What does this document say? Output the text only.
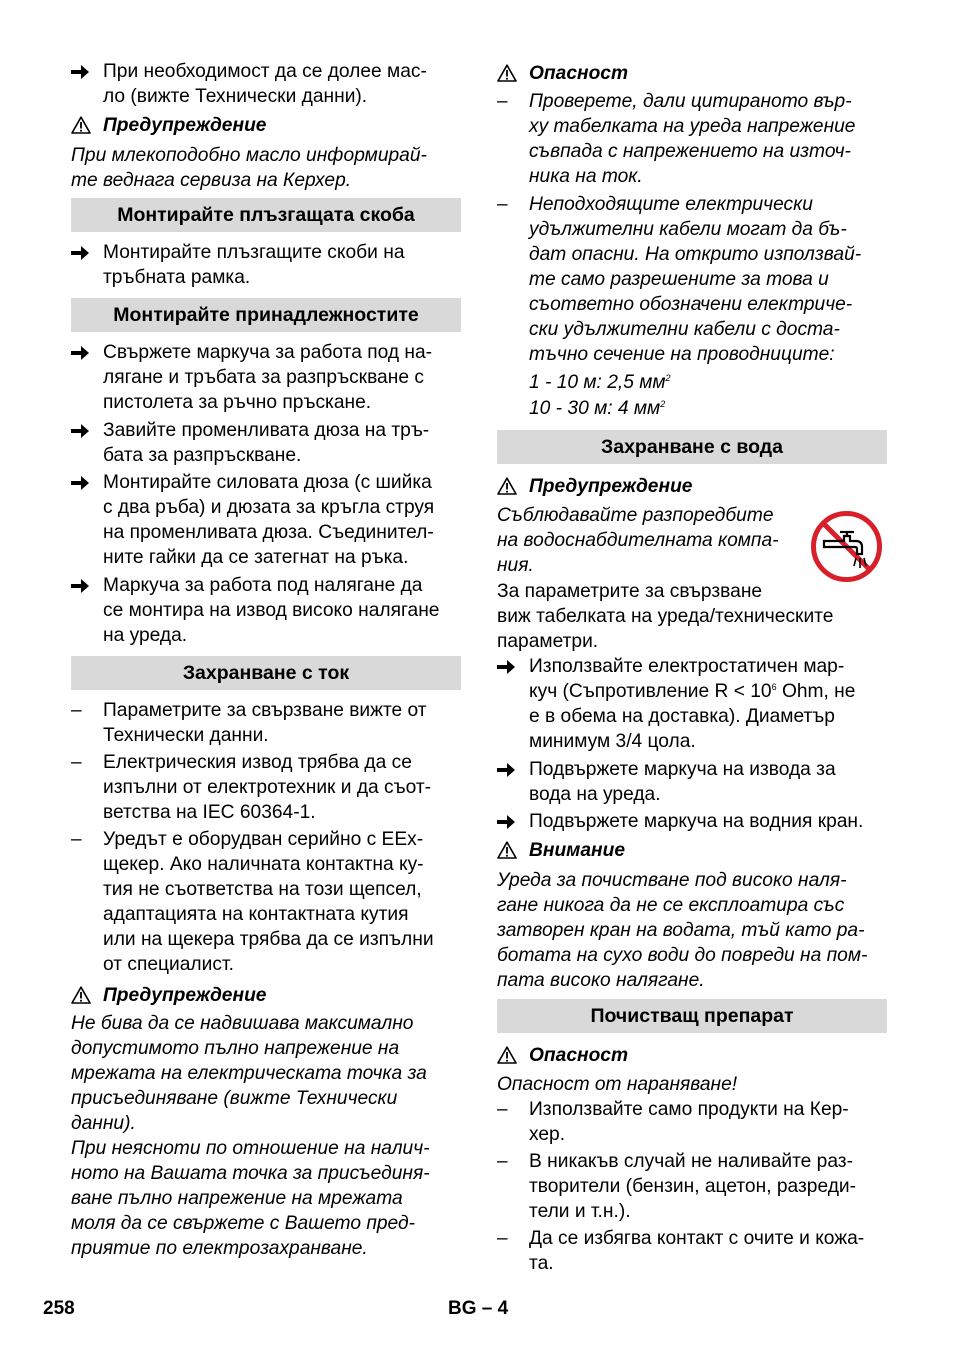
При необходимост да се долее мас-
ло (вижте Технически данни).
Предупреждение
При млекоподобно масло информирай-
те веднага сервиза на Керхер.
Монтирайте плъзгащата скоба
Монтирайте плъзгащите скоби на
тръбната рамка.
Монтирайте принадлежностите
Свържете маркуча за работа под на-
лягане и тръбата за разпръскване с
пистолета за ръчно пръскане.
Завийте променливата дюза на тръ-
бата за разпръскване.
Монтирайте силовата дюза (с шийка
с два ръба) и дюзата за кръгла струя
на променливата дюза. Съединител-
ните гайки да се затегнат на ръка.
Маркуча за работа под налягане да
се монтира на извод високо налягане
на уреда.
Захранване с ток
– Параметрите за свързване вижте от
Технически данни.
– Електрическия извод трябва да се
изпълни от електротехник и да съот-
ветства на IEC 60364-1.
– Уредът е оборудван серийно с EEx-
щекер. Ако наличната контактна ку-
тия не съответства на този щепсел,
адаптацията на контактната кутия
или на щекера трябва да се изпълни
от специалист.
Предупреждение
Не бива да се надвишава максимално
допустимото пълно напрежение на
мрежата на електрическата точка за
присъединяване (вижте Технически
данни).
При неясноти по отношение на налич-
ното на Вашата точка за присъединя-
ване пълно напрежение на мрежата
моля да се свържете с Вашето пред-
приятие по електрозахранване.
Опасност
– Проверете, дали цитираното вър-
ху табелката на уреда напрежение
съвпада с напрежението на източ-
ника на ток.
– Неподходящите електрически
удължителни кабели могат да бъ-
дат опасни. На открито използвай-
те само разрешените за това и
съответно обозначени електриче-
ски удължителни кабели с доста-
тъчно сечение на проводниците:
1 - 10 м: 2,5 $мм^2$
10 - 30 м: 4 $мм^2$
Захранване с вода
Предупреждение
Съблюдавайте разпоредбите
на водоснабдителната компа-
ния.
За параметрите за свързване
виж табелката на уреда/техническите
параметри.
Използвайте електростатичен мар-
куч (Съпротивление $R < 10^6$ Ohm, не
е в обема на доставка). Диаметър
минимум 3/4 цола.
Подвържете маркуча на извода за
вода на уреда.
Подвържете маркуча на водния кран.
Внимание
Уреда за почистване под високо наля-
гане никога да не се експлоатира със
затворен кран на водата, тъй като ра-
ботата на сухо води до повреди на пом-
пата високо налягане.
Почистващ препарат
Опасност
Опасност от нараняване!
– Използвайте само продукти на Кер-
хер.
– В никакъв случай не наливайте раз-
творители (бензин, ацетон, разреди-
тели и т.н.).
– Да се избягва контакт с очите и кожа-
та.
258	BG – 4
